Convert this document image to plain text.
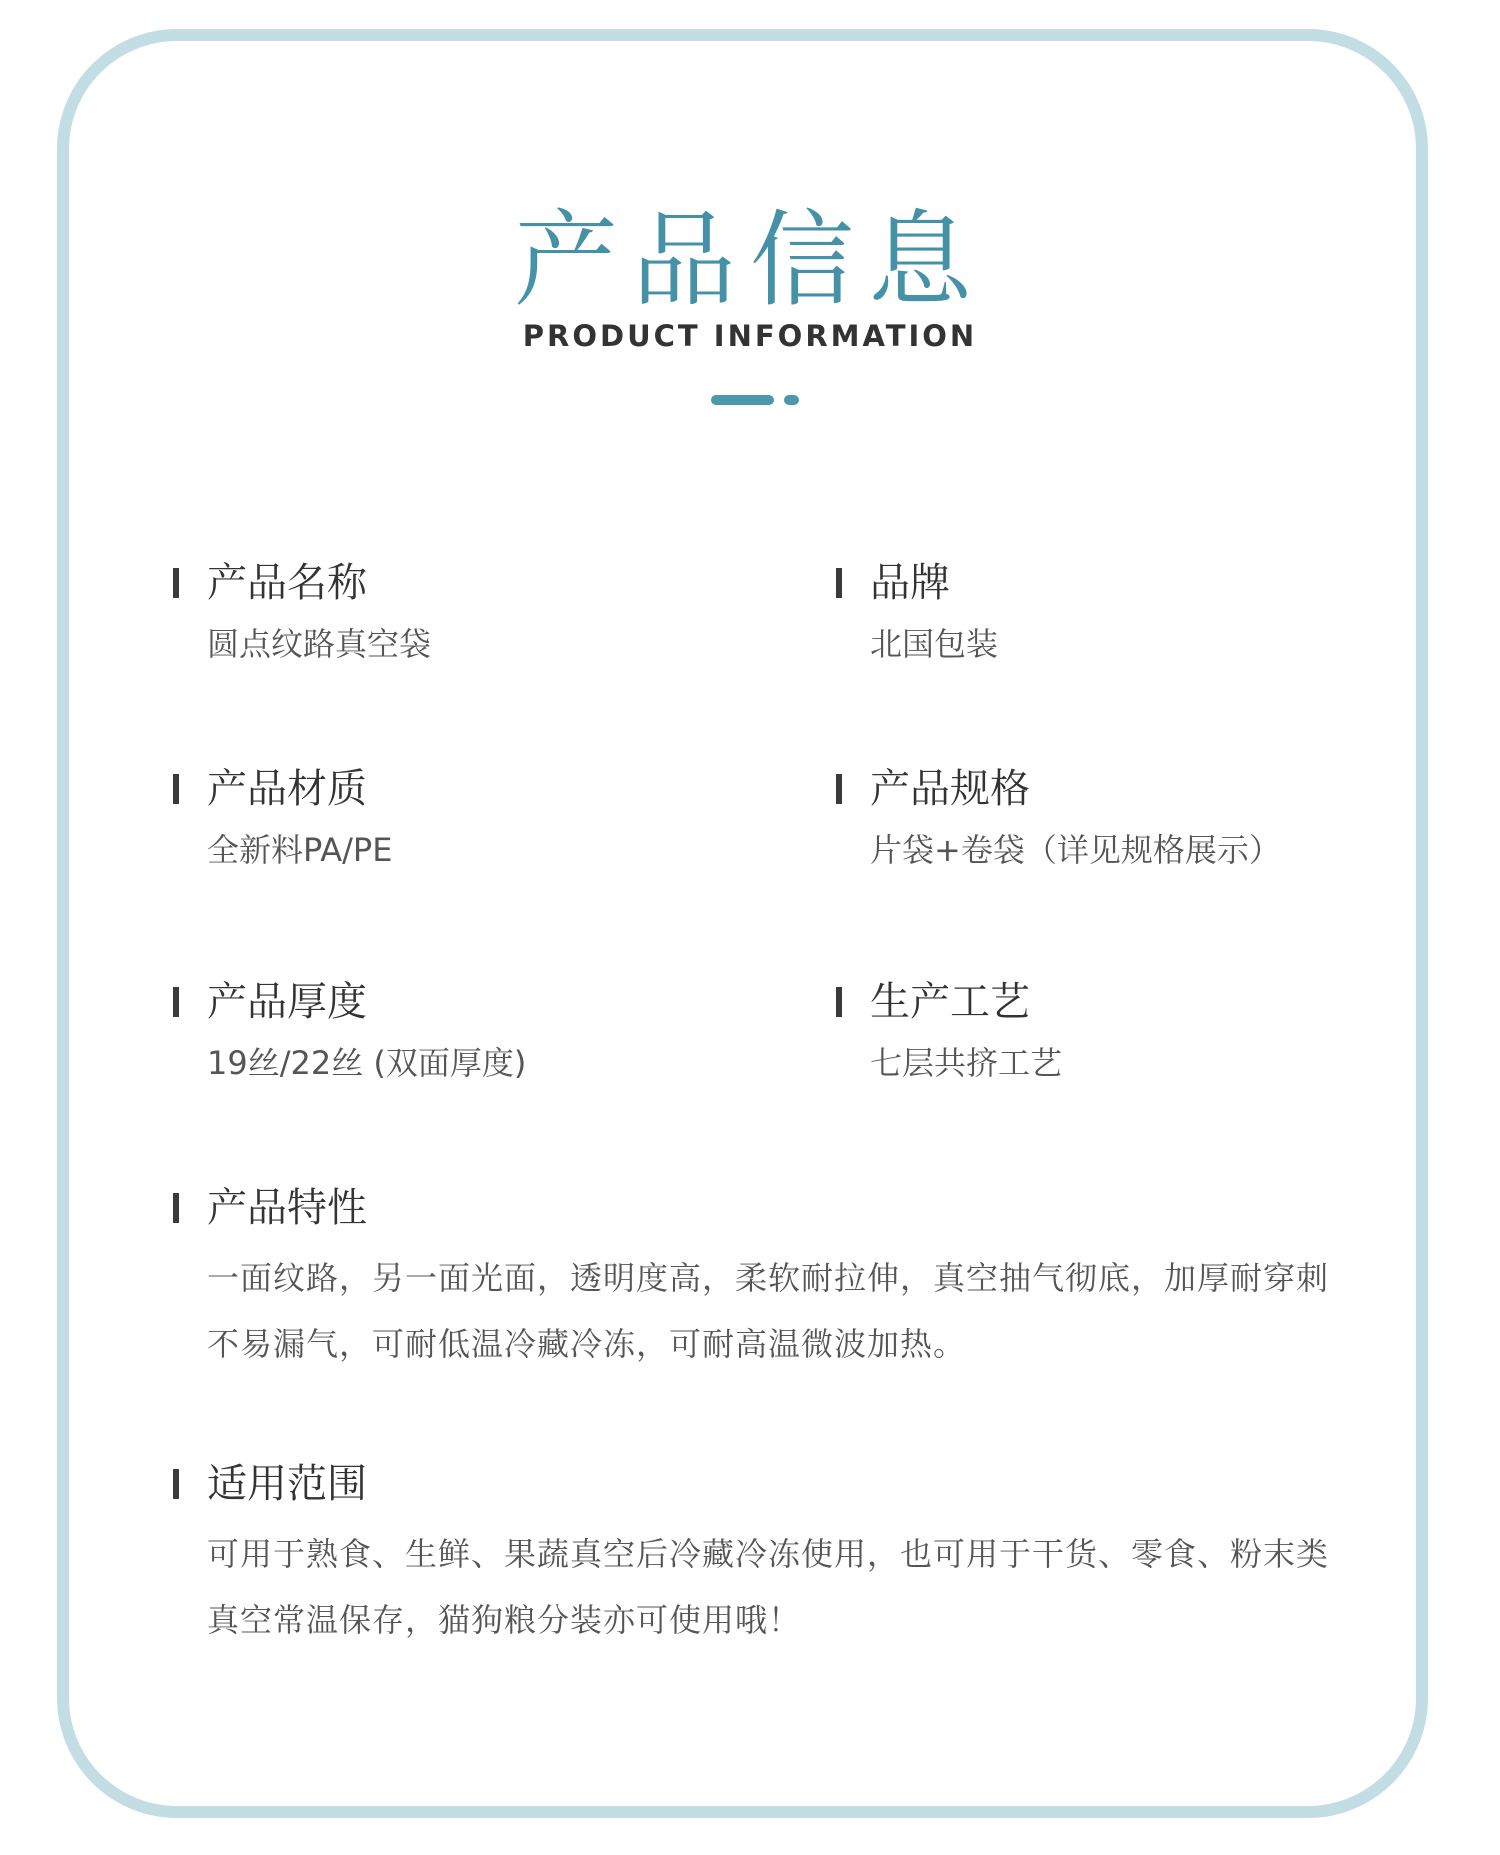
产品信息
PRODUCT INFORMATION
产品名称
圆点纹路真空袋
品牌
北国包装
产品材质
全新料PA/PE
产品规格
片袋+卷袋（详见规格展示）
产品厚度
19丝/22丝 (双面厚度)
生产工艺
七层共挤工艺
产品特性
一面纹路，另一面光面，透明度高，柔软耐拉伸，真空抽气彻底，加厚耐穿刺不易漏气，可耐低温冷藏冷冻，可耐高温微波加热。
适用范围
可用于熟食、生鲜、果蔬真空后冷藏冷冻使用，也可用于干货、零食、粉末类真空常温保存，猫狗粮分装亦可使用哦！
